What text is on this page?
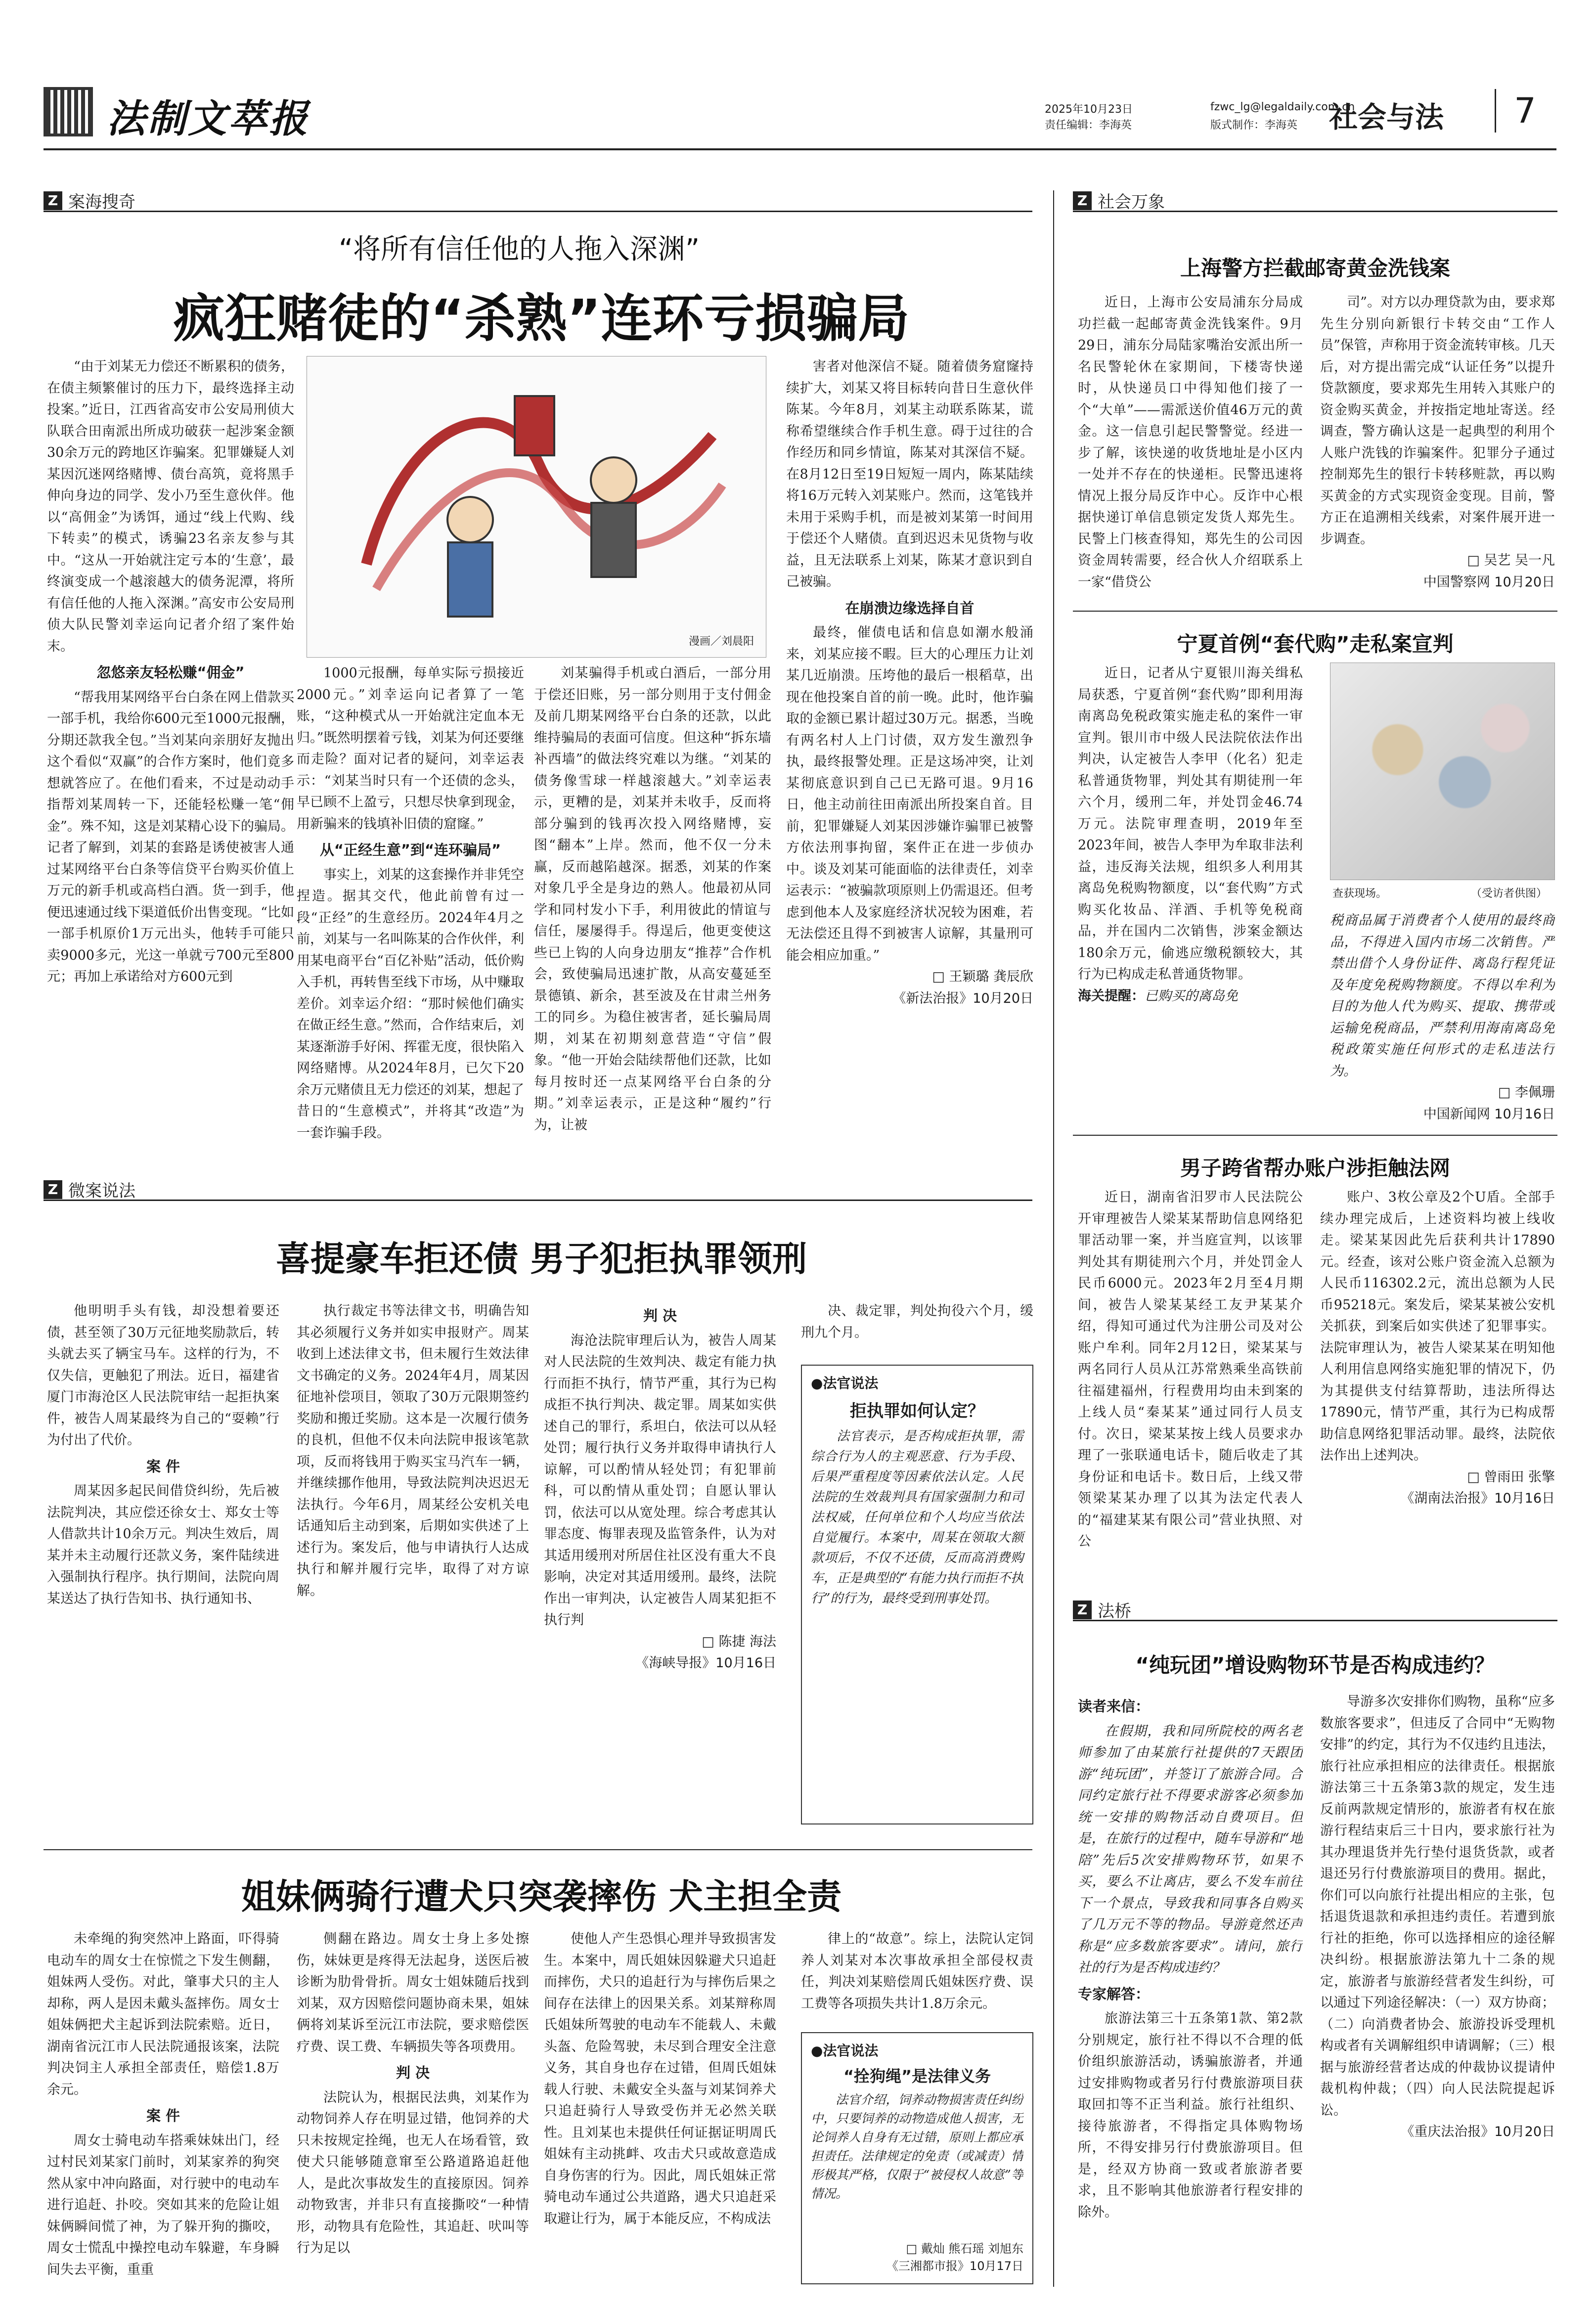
法制文萃报	2025年10月23日
责任编辑：李海英
fzwc_lg@legaldaily.com.cn
版式制作：李海英 社会与法	7
Z 案海搜奇
“将所有信任他的人拖入深渊”
疯狂赌徒的“杀熟”连环亏损骗局
漫画／刘晨阳

“由于刘某无力偿还不断累积的债务，在债主频繁催讨的压力下，最终选择主动投案。”近日，江西省高安市公安局刑侦大队联合田南派出所成功破获一起涉案金额30余万元的跨地区诈骗案。犯罪嫌疑人刘某因沉迷网络赌博、债台高筑，竟将黑手伸向身边的同学、发小乃至生意伙伴。他以“高佣金”为诱饵，通过“线上代购、线下转卖”的模式，诱骗23名亲友参与其中。“这从一开始就注定亏本的‘生意’，最终演变成一个越滚越大的债务泥潭，将所有信任他的人拖入深渊。”高安市公安局刑侦大队民警刘幸运向记者介绍了案件始末。

忽悠亲友轻松赚“佣金”

“帮我用某网络平台白条在网上借款买一部手机，我给你600元至1000元报酬，分期还款我全包。”当刘某向亲朋好友抛出这个看似“双赢”的合作方案时，他们竟多想就答应了。在他们看来，不过是动动手指帮刘某周转一下，还能轻松赚一笔“佣金”。殊不知，这是刘某精心设下的骗局。记者了解到，刘某的套路是诱使被害人通过某网络平台白条等信贷平台购买价值上万元的新手机或高档白酒。货一到手，他便迅速通过线下渠道低价出售变现。“比如一部手机原价1万元出头，他转手可能只卖9000多元，光这一单就亏700元至800元；再加上承诺给对方600元到

1000元报酬，每单实际亏损接近2000元。”刘幸运向记者算了一笔账，“这种模式从一开始就注定血本无归。”既然明摆着亏钱，刘某为何还要继而走险？面对记者的疑问，刘幸运表示：“刘某当时只有一个还债的念头，早已顾不上盈亏，只想尽快拿到现金，用新骗来的钱填补旧债的窟窿。”

从“正经生意”到“连环骗局”

事实上，刘某的这套操作并非凭空捏造。据其交代，他此前曾有过一段“正经”的生意经历。2024年4月之前，刘某与一名叫陈某的合作伙伴，利用某电商平台“百亿补贴”活动，低价购入手机，再转售至线下市场，从中赚取差价。刘幸运介绍：“那时候他们确实在做正经生意。”然而，合作结束后，刘某逐渐游手好闲、挥霍无度，很快陷入网络赌博。从2024年8月，已欠下20余万元赌债且无力偿还的刘某，想起了昔日的“生意模式”，并将其“改造”为一套诈骗手段。

刘某骗得手机或白酒后，一部分用于偿还旧账，另一部分则用于支付佣金及前几期某网络平台白条的还款，以此维持骗局的表面可信度。但这种“拆东墙补西墙”的做法终究难以为继。“刘某的债务像雪球一样越滚越大。”刘幸运表示，更糟的是，刘某并未收手，反而将部分骗到的钱再次投入网络赌博，妄图“翻本”上岸。然而，他不仅一分未赢，反而越陷越深。据悉，刘某的作案对象几乎全是身边的熟人。他最初从同学和同村发小下手，利用彼此的情谊与信任，屡屡得手。得逞后，他更变使这些已上钩的人向身边朋友“推荐”合作机会，致使骗局迅速扩散，从高安蔓延至景德镇、新余，甚至波及在甘肃兰州务工的同乡。为稳住被害者，延长骗局周期，刘某在初期刻意营造“守信”假象。“他一开始会陆续帮他们还款，比如每月按时还一点某网络平台白条的分期。”刘幸运表示，正是这种“履约”行为，让被

害者对他深信不疑。随着债务窟窿持续扩大，刘某又将目标转向昔日生意伙伴陈某。今年8月，刘某主动联系陈某，谎称希望继续合作手机生意。碍于过往的合作经历和同乡情谊，陈某对其深信不疑。在8月12日至19日短短一周内，陈某陆续将16万元转入刘某账户。然而，这笔钱并未用于采购手机，而是被刘某第一时间用于偿还个人赌债。直到迟迟未见货物与收益，且无法联系上刘某，陈某才意识到自己被骗。

在崩溃边缘选择自首

最终，催债电话和信息如潮水般涌来，刘某应接不暇。巨大的心理压力让刘某几近崩溃。压垮他的最后一根稻草，出现在他投案自首的前一晚。此时，他诈骗取的金额已累计超过30万元。据悉，当晚有两名村人上门讨债，双方发生激烈争执，最终报警处理。正是这场冲突，让刘某彻底意识到自己已无路可退。9月16日，他主动前往田南派出所投案自首。目前，犯罪嫌疑人刘某因涉嫌诈骗罪已被警方依法刑事拘留，案件正在进一步侦办中。谈及刘某可能面临的法律责任，刘幸运表示：“被骗款项原则上仍需退还。但考虑到他本人及家庭经济状况较为困难，若无法偿还且得不到被害人谅解，其量刑可能会相应加重。”

□ 王颖璐 龚辰欣

《新法治报》10月20日

Z 微案说法
喜提豪车拒还债 男子犯拒执罪领刑

他明明手头有钱，却没想着要还债，甚至领了30万元征地奖励款后，转头就去买了辆宝马车。这样的行为，不仅失信，更触犯了刑法。近日，福建省厦门市海沧区人民法院审结一起拒执案件，被告人周某最终为自己的“耍赖”行为付出了代价。

案 件

周某因多起民间借贷纠纷，先后被法院判决，其应偿还徐女士、郑女士等人借款共计10余万元。判决生效后，周某并未主动履行还款义务，案件陆续进入强制执行程序。执行期间，法院向周某送达了执行告知书、执行通知书、

执行裁定书等法律文书，明确告知其必须履行义务并如实申报财产。周某收到上述法律文书，但未履行生效法律文书确定的义务。2024年4月，周某因征地补偿项目，领取了30万元限期签约奖励和搬迁奖励。这本是一次履行债务的良机，但他不仅未向法院申报该笔款项，反而将钱用于购买宝马汽车一辆，并继续挪作他用，导致法院判决迟迟无法执行。今年6月，周某经公安机关电话通知后主动到案，后期如实供述了上述行为。案发后，他与申请执行人达成执行和解并履行完毕，取得了对方谅解。

判 决

海沧法院审理后认为，被告人周某对人民法院的生效判决、裁定有能力执行而拒不执行，情节严重，其行为已构成拒不执行判决、裁定罪。周某如实供述自己的罪行，系坦白，依法可以从轻处罚；履行执行义务并取得申请执行人谅解，可以酌情从轻处罚；有犯罪前科，可以酌情从重处罚；自愿认罪认罚，依法可以从宽处理。综合考虑其认罪态度、悔罪表现及监管条件，认为对其适用缓刑对所居住社区没有重大不良影响，决定对其适用缓刑。最终，法院作出一审判决，认定被告人周某犯拒不执行判

□ 陈捷 海法

《海峡导报》10月16日

决、裁定罪，判处拘役六个月，缓刑九个月。

●法官说法
拒执罪如何认定？
法官表示，是否构成拒执罪，需综合行为人的主观恶意、行为手段、后果严重程度等因素依法认定。人民法院的生效裁判具有国家强制力和司法权威，任何单位和个人均应当依法自觉履行。本案中，周某在领取大额款项后，不仅不还债，反而高消费购车，正是典型的“有能力执行而拒不执行”的行为，最终受到刑事处罚。
姐妹俩骑行遭犬只突袭摔伤 犬主担全责

未牵绳的狗突然冲上路面，吓得骑电动车的周女士在惊慌之下发生侧翻，姐妹两人受伤。对此，肇事犬只的主人却称，两人是因未戴头盔摔伤。周女士姐妹俩把犬主起诉到法院索赔。近日，湖南省沅江市人民法院通报该案，法院判决饲主人承担全部责任，赔偿1.8万余元。

案 件

周女士骑电动车搭乘妹妹出门，经过村民刘某家门前时，刘某家养的狗突然从家中冲向路面，对行驶中的电动车进行追赶、扑咬。突如其来的危险让姐妹俩瞬间慌了神，为了躲开狗的撕咬，周女士慌乱中操控电动车躲避，车身瞬间失去平衡，重重

侧翻在路边。周女士身上多处擦伤，妹妹更是疼得无法起身，送医后被诊断为肋骨骨折。周女士姐妹随后找到刘某，双方因赔偿问题协商未果，姐妹俩将刘某诉至沅江市法院，要求赔偿医疗费、误工费、车辆损失等各项费用。

判 决

法院认为，根据民法典，刘某作为动物饲养人存在明显过错，他饲养的犬只未按规定拴绳，也无人在场看管，致使犬只能够随意窜至公路道路追赶他人，是此次事故发生的直接原因。饲养动物致害，并非只有直接撕咬“一种情形，动物具有危险性，其追赶、吠叫等行为足以

使他人产生恐惧心理并导致损害发生。本案中，周氏姐妹因躲避犬只追赶而摔伤，犬只的追赶行为与摔伤后果之间存在法律上的因果关系。刘某辩称周氏姐妹所驾驶的电动车不能载人、未戴头盔、危险驾驶，未尽到合理安全注意义务，其自身也存在过错，但周氏姐妹载人行驶、未戴安全头盔与刘某饲养犬只追赶骑行人导致受伤并无必然关联性。且刘某也未提供任何证据证明周氏姐妹有主动挑衅、攻击犬只或故意造成自身伤害的行为。因此，周氏姐妹正常骑电动车通过公共道路，遇犬只追赶采取避让行为，属于本能反应，不构成法

律上的“故意”。综上，法院认定饲养人刘某对本次事故承担全部侵权责任，判决刘某赔偿周氏姐妹医疗费、误工费等各项损失共计1.8万余元。

●法官说法
“拴狗绳”是法律义务
法官介绍，饲养动物损害责任纠纷中，只要饲养的动物造成他人损害，无论饲养人自身有无过错，原则上都应承担责任。法律规定的免责（或减责）情形极其严格，仅限于“被侵权人故意”等情况。
□ 戴灿 熊石瑶 刘旭东
《三湘都市报》10月17日
Z 社会万象
上海警方拦截邮寄黄金洗钱案

近日，上海市公安局浦东分局成功拦截一起邮寄黄金洗钱案件。9月29日，浦东分局陆家嘴治安派出所一名民警轮休在家期间，下楼寄快递时，从快递员口中得知他们接了一个“大单”——需派送价值46万元的黄金。这一信息引起民警警觉。经进一步了解，该快递的收货地址是小区内一处并不存在的快递柜。民警迅速将情况上报分局反诈中心。反诈中心根据快递订单信息锁定发货人郑先生。民警上门核查得知，郑先生的公司因资金周转需要，经合伙人介绍联系上一家“借贷公

司”。对方以办理贷款为由，要求郑先生分别向新银行卡转交由“工作人员”保管，声称用于资金流转审核。几天后，对方提出需完成“认证任务”以提升贷款额度，要求郑先生用转入其账户的资金购买黄金，并按指定地址寄送。经调查，警方确认这是一起典型的利用个人账户洗钱的诈骗案件。犯罪分子通过控制郑先生的银行卡转移赃款，再以购买黄金的方式实现资金变现。目前，警方正在追溯相关线索，对案件展开进一步调查。

□ 吴艺 吴一凡

中国警察网 10月20日

宁夏首例“套代购”走私案宣判

近日，记者从宁夏银川海关缉私局获悉，宁夏首例“套代购”即利用海南离岛免税政策实施走私的案件一审宣判。银川市中级人民法院依法作出判决，认定被告人李甲（化名）犯走私普通货物罪，判处其有期徒刑一年六个月，缓刑二年，并处罚金46.74万元。法院审理查明，2019年至2023年间，被告人李甲为牟取非法利益，违反海关法规，组织多人利用其离岛免税购物额度，以“套代购”方式购买化妆品、洋酒、手机等免税商品，并在国内二次销售，涉案金额达180余万元，偷逃应缴税额较大，其行为已构成走私普通货物罪。

海关提醒：已购买的离岛免

查获现场。	（受访者供图）

税商品属于消费者个人使用的最终商品，不得进入国内市场二次销售。严禁出借个人身份证件、离岛行程凭证及年度免税购物额度。不得以牟利为目的为他人代为购买、提取、携带或运输免税商品，严禁利用海南离岛免税政策实施任何形式的走私违法行为。

□ 李佩珊

中国新闻网 10月16日

男子跨省帮办账户涉拒触法网

近日，湖南省汨罗市人民法院公开审理被告人梁某某帮助信息网络犯罪活动罪一案，并当庭宣判，以该罪判处其有期徒刑六个月，并处罚金人民币6000元。2023年2月至4月期间，被告人梁某某经工友尹某某介绍，得知可通过代为注册公司及对公账户牟利。同年2月12日，梁某某与两名同行人员从江苏常熟乘坐高铁前往福建福州，行程费用均由未到案的上线人员“秦某某”通过同行人员支付。次日，梁某某按上线人员要求办理了一张联通电话卡，随后收走了其身份证和电话卡。数日后，上线又带领梁某某办理了以其为法定代表人的“福建某某有限公司”营业执照、对公

账户、3枚公章及2个U盾。全部手续办理完成后，上述资料均被上线收走。梁某某因此先后获利共计17890元。经查，该对公账户资金流入总额为人民币116302.2元，流出总额为人民币95218元。案发后，梁某某被公安机关抓获，到案后如实供述了犯罪事实。法院审理认为，被告人梁某某在明知他人利用信息网络实施犯罪的情况下，仍为其提供支付结算帮助，违法所得达17890元，情节严重，其行为已构成帮助信息网络犯罪活动罪。最终，法院依法作出上述判决。

□ 曾雨田 张擎

《湖南法治报》10月16日

Z 法桥
“纯玩团”增设购物环节是否构成违约？

读者来信：

在假期，我和同所院校的两名老师参加了由某旅行社提供的7天跟团游“纯玩团”，并签订了旅游合同。合同约定旅行社不得要求游客必须参加统一安排的购物活动自费项目。但是，在旅行的过程中，随车导游和“地陪”先后5次安排购物环节，如果不买，要么不让离店，要么不发车前往下一个景点，导致我和同事各自购买了几万元不等的物品。导游竟然还声称是“应多数旅客要求”。请问，旅行社的行为是否构成违约？

专家解答：

旅游法第三十五条第1款、第2款分别规定，旅行社不得以不合理的低价组织旅游活动，诱骗旅游者，并通过安排购物或者另行付费旅游项目获取回扣等不正当利益。旅行社组织、接待旅游者，不得指定具体购物场所，不得安排另行付费旅游项目。但是，经双方协商一致或者旅游者要求，且不影响其他旅游者行程安排的除外。

导游多次安排你们购物，虽称“应多数旅客要求”，但违反了合同中“无购物安排”的约定，其行为不仅违约且违法，旅行社应承担相应的法律责任。根据旅游法第三十五条第3款的规定，发生违反前两款规定情形的，旅游者有权在旅游行程结束后三十日内，要求旅行社为其办理退货并先行垫付退货货款，或者退还另行付费旅游项目的费用。据此，你们可以向旅行社提出相应的主张，包括退货退款和承担违约责任。若遭到旅行社的拒绝，你可以选择相应的途径解决纠纷。根据旅游法第九十二条的规定，旅游者与旅游经营者发生纠纷，可以通过下列途径解决：（一）双方协商；（二）向消费者协会、旅游投诉受理机构或者有关调解组织申请调解；（三）根据与旅游经营者达成的仲裁协议提请仲裁机构仲裁；（四）向人民法院提起诉讼。

《重庆法治报》10月20日
